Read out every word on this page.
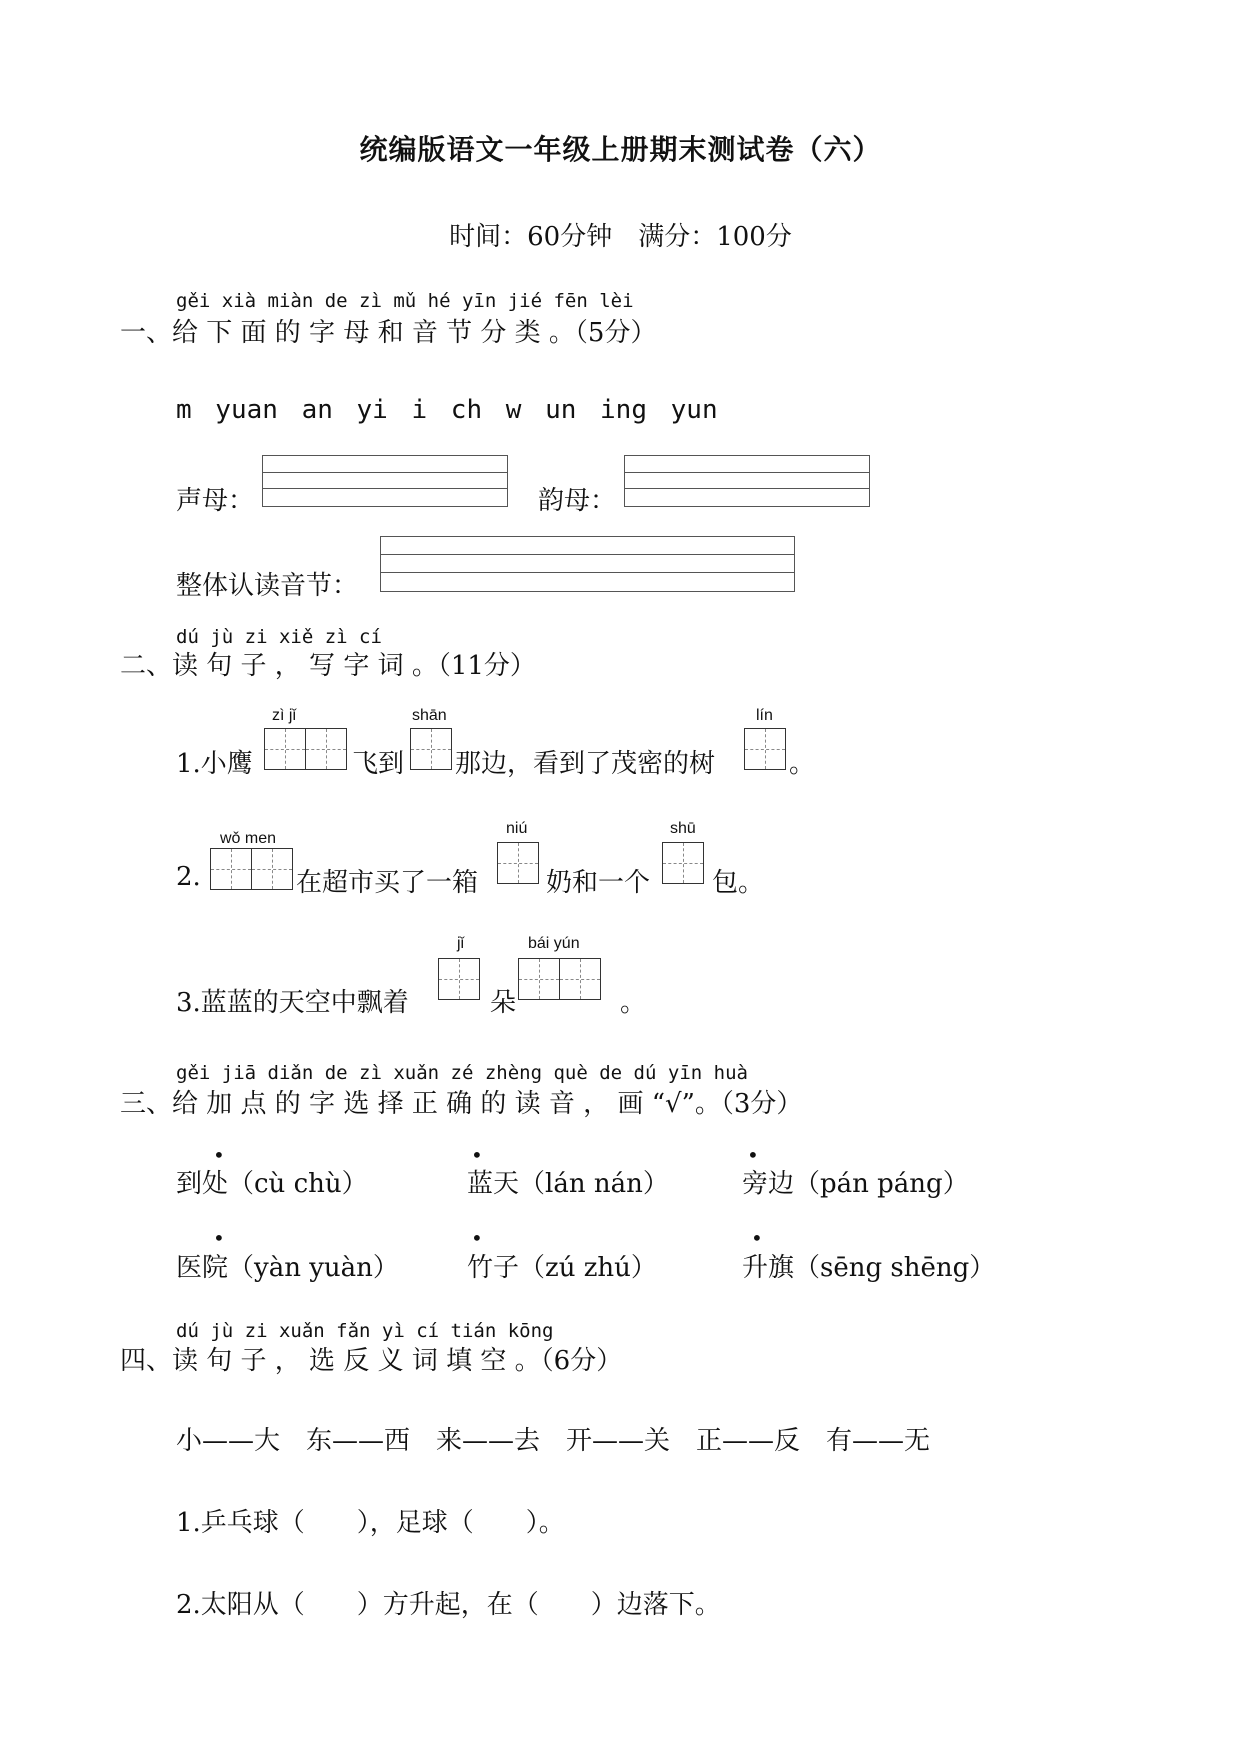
统编版语文一年级上册期末测试卷（六）
时间：60分钟　满分：100分
gěi xià miàn de zì mǔ hé yīn jié fēn lèi
一、给 下 面 的 字 母 和 音 节 分 类 。（5分）
m yuan an yi i ch w un ing yun
声母：	韵母：
整体认读音节：
dú jù zi xiě zì cí
二、读 句 子 ， 写 字 词 。（11分）
1.小鹰
zì jǐ
飞到
shān
那边，看到了茂密的树
lín
。
2.
wǒ men
在超市买了一箱
niú
奶和一个
shū
包。
3.蓝蓝的天空中飘着
jǐ
朵
bái yún
。
gěi jiā diǎn de zì xuǎn zé zhèng què de dú yīn huà
三、给 加 点 的 字 选 择 正 确 的 读 音 ， 画 “√”。（3分）
•
到处（cù chù）
•
蓝天（lán nán）
•
旁边（pán páng）
•
医院（yàn yuàn）
•
竹子（zú zhú）
•
升旗（sēng shēng）
dú jù zi xuǎn fǎn yì cí tián kōng
四、读 句 子 ， 选 反 义 词 填 空 。（6分）
小——大　东——西　来——去　开——关　正——反　有——无
1.乒乓球（　　），足球（　　）。
2.太阳从（　　）方升起，在（　　）边落下。
